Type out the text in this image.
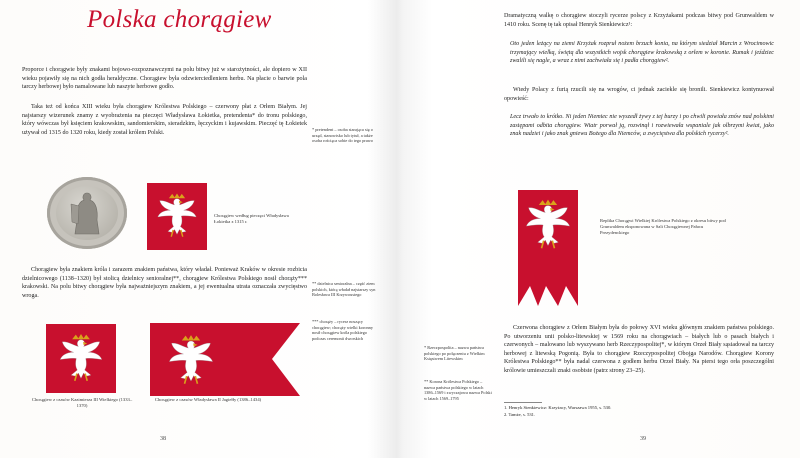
Polska chorągiew
Proporce i chorągwie były znakami bojowo-rozpoznawczymi na polu bitwy już w starożytności, ale dopiero w XII wieku pojawiły się na nich godła heraldyczne. Chorągiew była odzwierciedleniem herbu. Na płacie o barwie pola tarczy herbowej było namalowane lub naszyte herbowe godło.
Taka też od końca XIII wieku była chorągiew Królestwa Polskiego – czerwony płat z Orłem Białym. Jej najstarszy wizerunek znamy z wyobrażenia na pieczęci Władysława Łokietka, pretendenta* do tronu polskiego, który wówczas był księciem krakowskim, sandomierskim, sieradzkim, łęczyckim i kujawskim. Pieczęć tę Łokietek używał od 1315 do 1320 roku, kiedy został królem Polski.
* pretendent – osoba starająca się o urząd, stanowisko lub tytuł, a także osoba rościąca sobie do tego prawo
Chorągiew według pieczęci Władysława Łokietka z 1315 r.
Chorągiew była znakiem króla i zarazem znakiem państwa, który władał. Ponieważ Kraków w okresie rozbicia dzielnicowego (1138–1320) był stolicą dzielnicy senioralnej**, chorągiew Królestwa Polskiego nosił chorąży*** krakowski. Na polu bitwy chorągiew była najważniejszym znakiem, a jej ewentualna utrata oznaczała zwycięstwo wroga.
** dzielnica senioralna – część ziem polskich, którą władał najstarszy syn Bolesława III Krzywoustego
*** chorąży – rycerz noszący chorągiew; chorąży wielki koronny nosił chorągiew króla polskiego podczas ceremonii dworskich
Chorągiew z czasów Kazimierza III Wielkiego (1333–1370)
Chorągiew z czasów Władysława II Jagiełły (1386–1434)
38
Dramatyczną walkę o chorągiew stoczyli rycerze polscy z Krzyżakami podczas bitwy pod Grunwaldem w 1410 roku. Scenę tę tak opisał Henryk Sienkiewicz¹:
Oto jeden leżący na ziemi Krzyżak rozpruł nożem brzuch konia, na którym siedział Marcin z Wrocimowic trzymający wielką, świętą dla wszystkich wojsk chorągiew krakowską z orłem w koronie. Rumak i jeździec zwalili się nagle, a wraz z nimi zachwiała się i padła chorągiew².
Wtedy Polacy z furią rzucili się na wrogów, ci jednak zaciekle się bronili. Sienkiewicz kontynuował opowieść:
Lecz trwało to krótko. Ni jeden Niemiec nie wyszedł żywy z tej burzy i po chwili powiała znów nad polskimi zastępami odbita chorągiew. Wiatr porwał ją, rozwinął i rozwiewała wspaniale jak olbrzymi kwiat, jako znak nadziei i jako znak gniewu Bożego dla Niemców, a zwycięstwa dla polskich rycerzy².
Replika Chorągwi Wielkiej Królestwa Polskiego z okresu bitwy pod Grunwaldem eksponowana w Sali Chorągiewnej Pałacu Prezydenckiego
* Rzeczpospolita – nazwa państwa polskiego po połączeniu z Wielkim Księstwem Litewskim
** Korona Królestwa Polskiego – nazwa państwa polskiego w latach 1386–1569 i zwyczajowa nazwa Polski w latach 1569–1795
Czerwona chorągiew z Orłem Białym była do połowy XVI wieku głównym znakiem państwa polskiego. Po utworzeniu unii polsko-litewskiej w 1569 roku na chorągwiach – białych lub o pasach białych i czerwonych – malowano lub wyszywano herb Rzeczypospolitej*, w którym Orzeł Biały sąsiadował na tarczy herbowej z litewską Pogonią. Była to chorągiew Rzeczypospolitej Obojga Narodów. Chorągiew Korony Królestwa Polskiego** była nadal czerwona z godłem herbu Orzeł Biały. Na piersi tego orła poszczególni królowie umieszczali znaki osobiste (patrz strony 23–25).
1. Henryk Sienkiewicz: Krzyżacy, Warszawa 1955, s. 530.
2. Tamże, s. 531.
39
